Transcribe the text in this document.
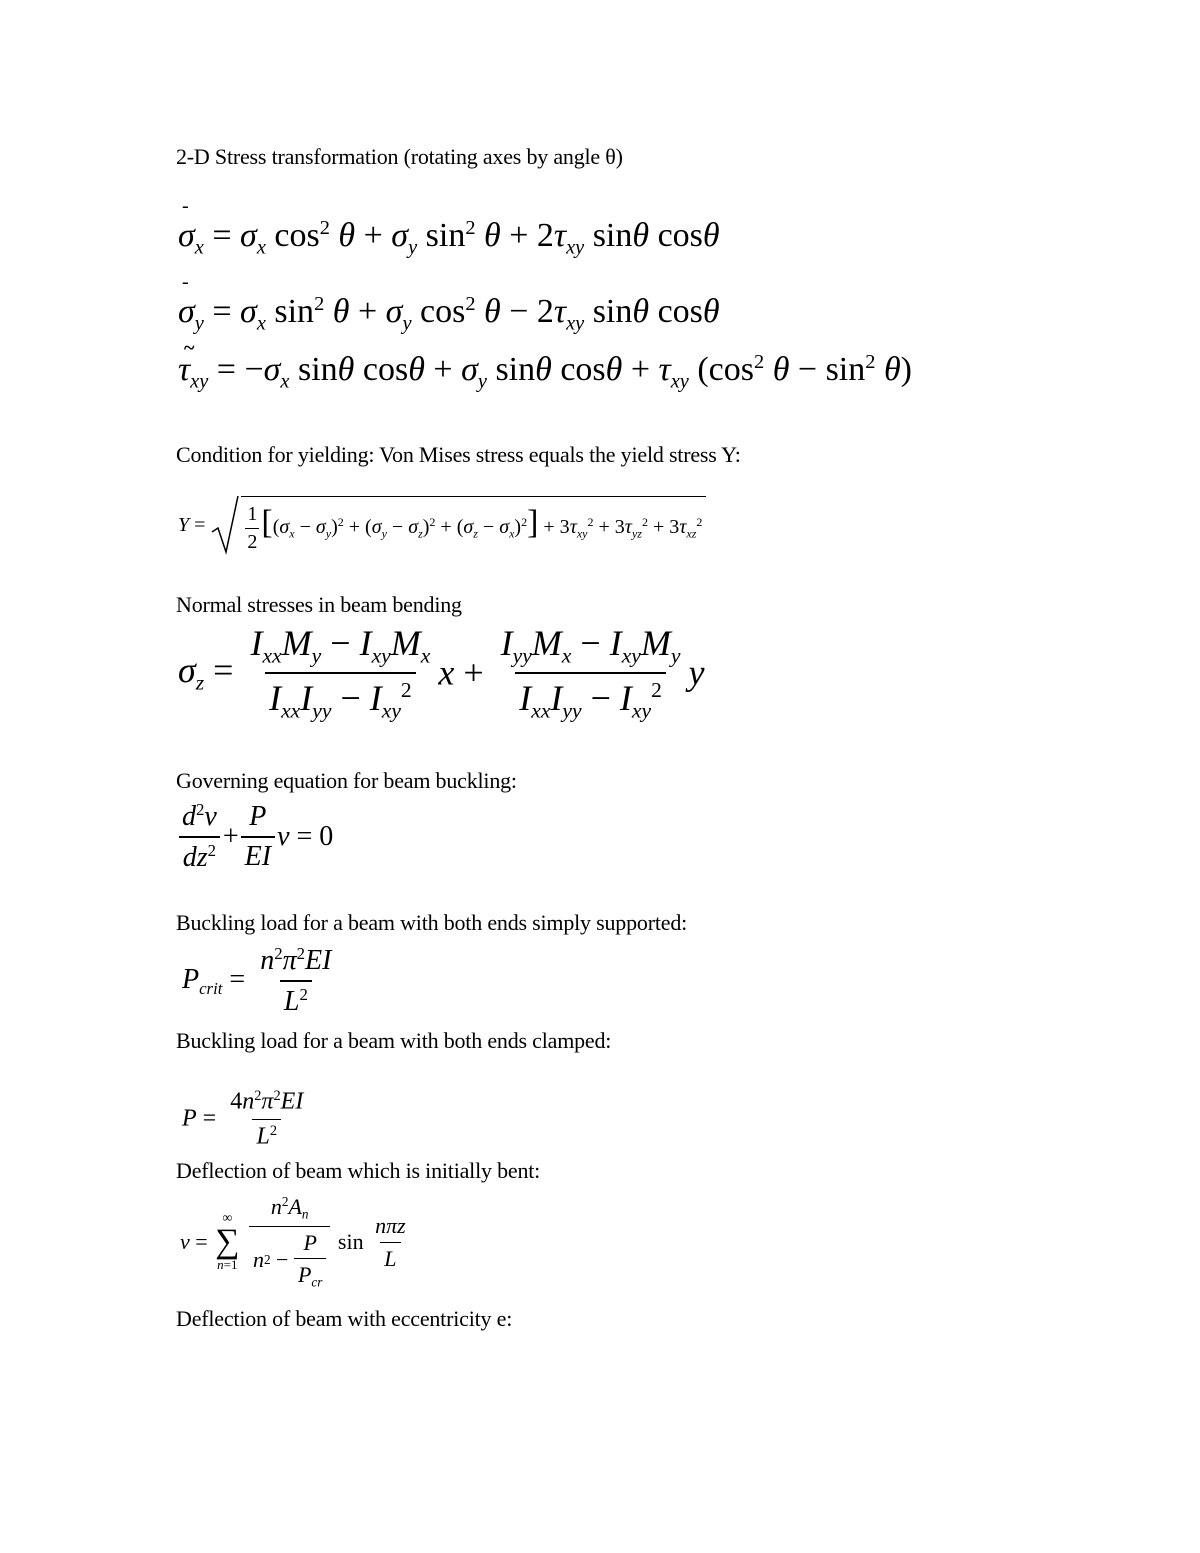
2-D Stress transformation (rotating axes by angle θ)
-
$\sigma_x = \sigma_x$ $\cos^2 \theta + \sigma_y$ $\sin^2 \theta + 2\tau_{xy}$ sinθ cosθ
-
$\sigma_y = \sigma_x$ $\sin^2 \theta + \sigma_y$ $\cos^2 \theta - 2\tau_{xy}$ sinθ cosθ
~
$\tau_{xy} = -\sigma_x$ sinθ $\cos\theta + \sigma_y$ sinθ $\cos\theta + \tau_{xy}$ ($\cos^2$ $\theta - \sin^2 \theta$)
Condition for yielding: Von Mises stress equals the yield stress Y:
$Y = \frac{1}{2} [(\sigma_x - \sigma_y)^2 + (\sigma_y - \sigma_z)^2 + (\sigma_z - \sigma_x)^2] + 3\tau_{xy}^2 + 3\tau_{yz}^2 + 3\tau_{xz}^2$
Normal stresses in beam bending
$\sigma_z = \frac{I_{xx}M_y - I_{xy}M_x}{I_{xx}I_{yy} - I_{xy}^2}$ $x + \frac{I_{yy}M_x - I_{xy}M_y}{I_{xx}I_{yy} - I_{xy}^2}$ y
Governing equation for beam buckling:
$\frac{d^2v}{dz^2} + \frac{P}{EI}$ v = 0
Buckling load for a beam with both ends simply supported:
$P_{crit} = \frac{n^2\pi^2EI}{L^2}$
Buckling load for a beam with both ends clamped:
$P = \frac{4n^2\pi^2EI}{L^2}$
Deflection of beam which is initially bent:
v =
∞
∑
n=1
$\frac{n^2A_n}{n 2 - \frac{P}{P_{cr}}}$ $\sin \frac{\text{nπz}}{L}$
Deflection of beam with eccentricity e:
